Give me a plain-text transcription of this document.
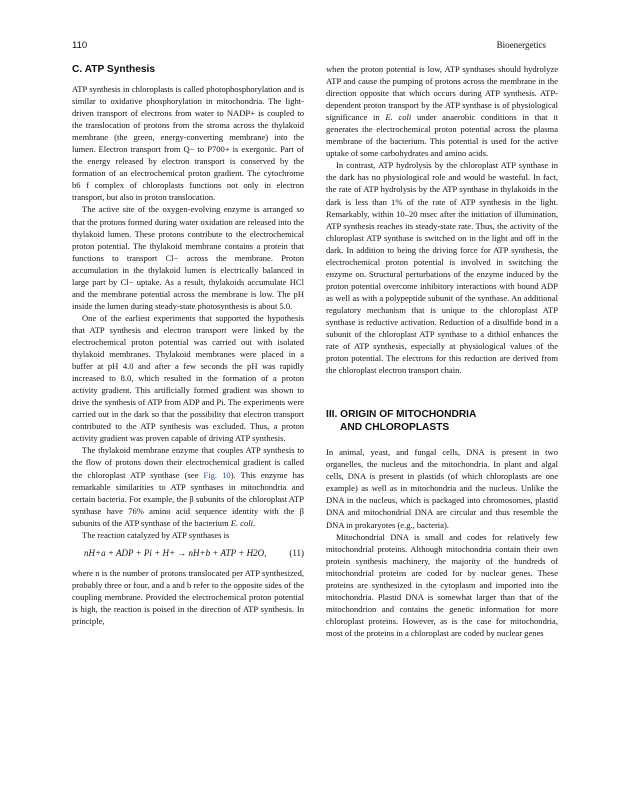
110	Bioenergetics
C. ATP Synthesis

ATP synthesis in chloroplasts is called photophosphorylation and is similar to oxidative phosphorylation in mitochondria. The light-driven transport of electrons from water to NADP+ is coupled to the translocation of protons from the stroma across the thylakoid membrane (the green, energy-converting membrane) into the lumen. Electron transport from Q− to P700+ is exergonic. Part of the energy released by electron transport is conserved by the formation of an electrochemical proton gradient. The cytochrome b6 f complex of chloroplasts functions not only in electron transport, but also in proton translocation.

The active site of the oxygen-evolving enzyme is arranged so that the protons formed during water oxidation are released into the thylakoid lumen. These protons contribute to the electrochemical proton potential. The thylakoid membrane contains a protein that functions to transport Cl− across the membrane. Proton accumulation in the thylakoid lumen is electrically balanced in large part by Cl− uptake. As a result, thylakoids accumulate HCl and the membrane potential across the membrane is low. The pH inside the lumen during steady-state photosynthesis is about 5.0.

One of the earliest experiments that supported the hypothesis that ATP synthesis and electron transport were linked by the electrochemical proton potential was carried out with isolated thylakoid membranes. Thylakoid membranes were placed in a buffer at pH 4.0 and after a few seconds the pH was rapidly increased to 8.0, which resulted in the formation of a proton activity gradient. This artificially formed gradient was shown to drive the synthesis of ATP from ADP and Pi. The experiments were carried out in the dark so that the possibility that electron transport contributed to the ATP synthesis was excluded. Thus, a proton activity gradient was proven capable of driving ATP synthesis.

The thylakoid membrane enzyme that couples ATP synthesis to the flow of protons down their electrochemical gradient is called the chloroplast ATP synthase (see Fig. 10). This enzyme has remarkable similarities to ATP synthases in mitochondria and certain bacteria. For example, the β subunits of the chloroplast ATP synthase have 76% amino acid sequence identity with the β subunits of the ATP synthase of the bacterium E. coli.

The reaction catalyzed by ATP synthases is

nH+a + ADP + Pi + H+ → nH+b + ATP + H2O,	(11)

where n is the number of protons translocated per ATP synthesized, probably three or four, and a and b refer to the opposite sides of the coupling membrane. Provided the electrochemical proton potential is high, the reaction is poised in the direction of ATP synthesis. In principle,

when the proton potential is low, ATP synthases should hydrolyze ATP and cause the pumping of protons across the membrane in the direction opposite that which occurs during ATP synthesis. ATP-dependent proton transport by the ATP synthase is of physiological significance in E. coli under anaerobic conditions in that it generates the electrochemical proton potential across the plasma membrane of the bacterium. This potential is used for the active uptake of some carbohydrates and amino acids.

In contrast, ATP hydrolysis by the chloroplast ATP synthase in the dark has no physiological role and would be wasteful. In fact, the rate of ATP hydrolysis by the ATP synthase in thylakoids in the dark is less than 1% of the rate of ATP synthesis in the light. Remarkably, within 10–20 msec after the initiation of illumination, ATP synthesis reaches its steady-state rate. Thus, the activity of the chloroplast ATP synthase is switched on in the light and off in the dark. In addition to being the driving force for ATP synthesis, the electrochemical proton potential is involved in switching the enzyme on. Structural perturbations of the enzyme induced by the proton potential overcome inhibitory interactions with bound ADP as well as with a polypeptide subunit of the synthase. An additional regulatory mechanism that is unique to the chloroplast ATP synthase is reductive activation. Reduction of a disulfide bond in a subunit of the chloroplast ATP synthase to a dithiol enhances the rate of ATP synthesis, especially at physiological values of the proton potential. The electrons for this reduction are derived from the chloroplast electron transport chain.

III. ORIGIN OF MITOCHONDRIA
AND CHLOROPLASTS

In animal, yeast, and fungal cells, DNA is present in two organelles, the nucleus and the mitochondria. In plant and algal cells, DNA is present in plastids (of which chloroplasts are one example) as well as in mitochondria and the nucleus. Unlike the DNA in the nucleus, which is packaged into chromosomes, plastid DNA and mitochondrial DNA are circular and thus resemble the DNA in prokaryotes (e.g., bacteria).

Mitochondrial DNA is small and codes for relatively few mitochondrial proteins. Although mitochondria contain their own protein synthesis machinery, the majority of the hundreds of mitochondrial proteins are coded for by nuclear genes. These proteins are synthesized in the cytoplasm and imported into the mitochondria. Plastid DNA is somewhat larger than that of the mitochondrion and contains the genetic information for more chloroplast proteins. However, as is the case for mitochondria, most of the proteins in a chloroplast are coded by nuclear genes
